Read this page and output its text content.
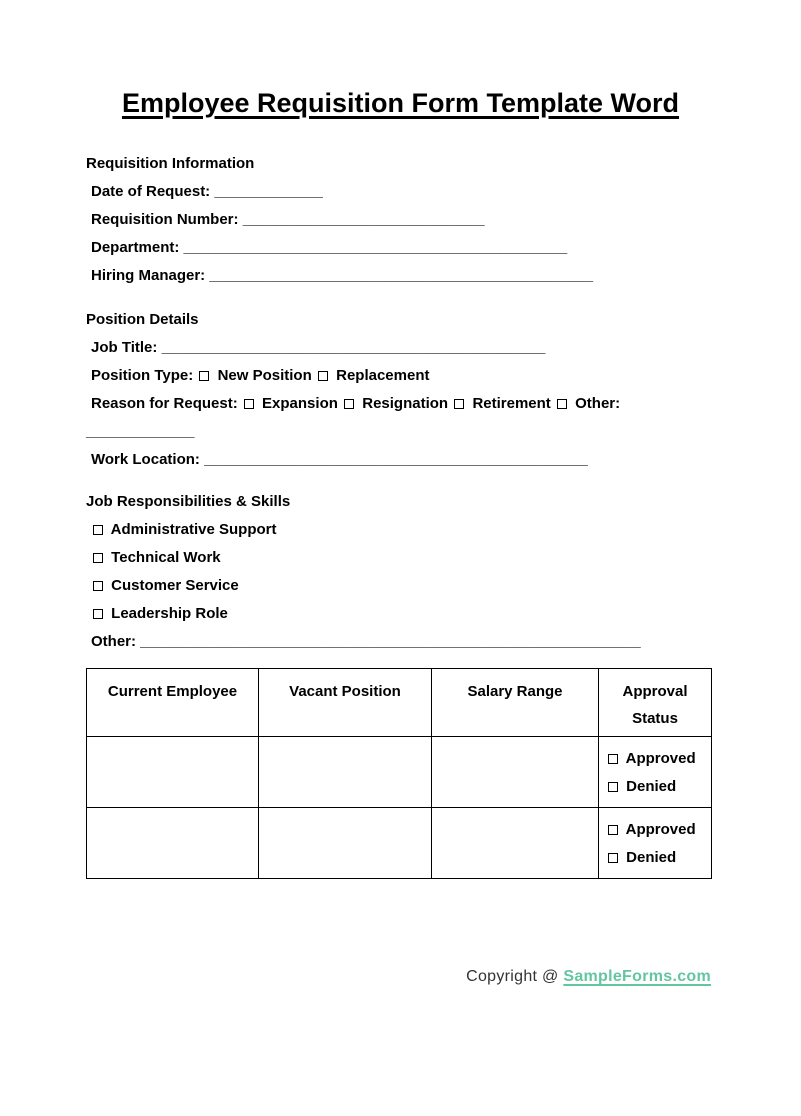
Employee Requisition Form Template Word

Requisition Information

Date of Request: _____________

Requisition Number: _____________________________

Department: ______________________________________________

Hiring Manager: ______________________________________________

Position Details

Job Title: ______________________________________________

Position Type: New Position Replacement

Reason for Request: Expansion Resignation Retirement Other:

_____________

Work Location: ______________________________________________

Job Responsibilities & Skills

Administrative Support

Technical Work

Customer Service

Leadership Role

Other: ____________________________________________________________

Current Employee	Vacant Position	Salary Range	Approval Status

			Approved
Denied

			Approved
Denied
Copyright @ SampleForms.com
